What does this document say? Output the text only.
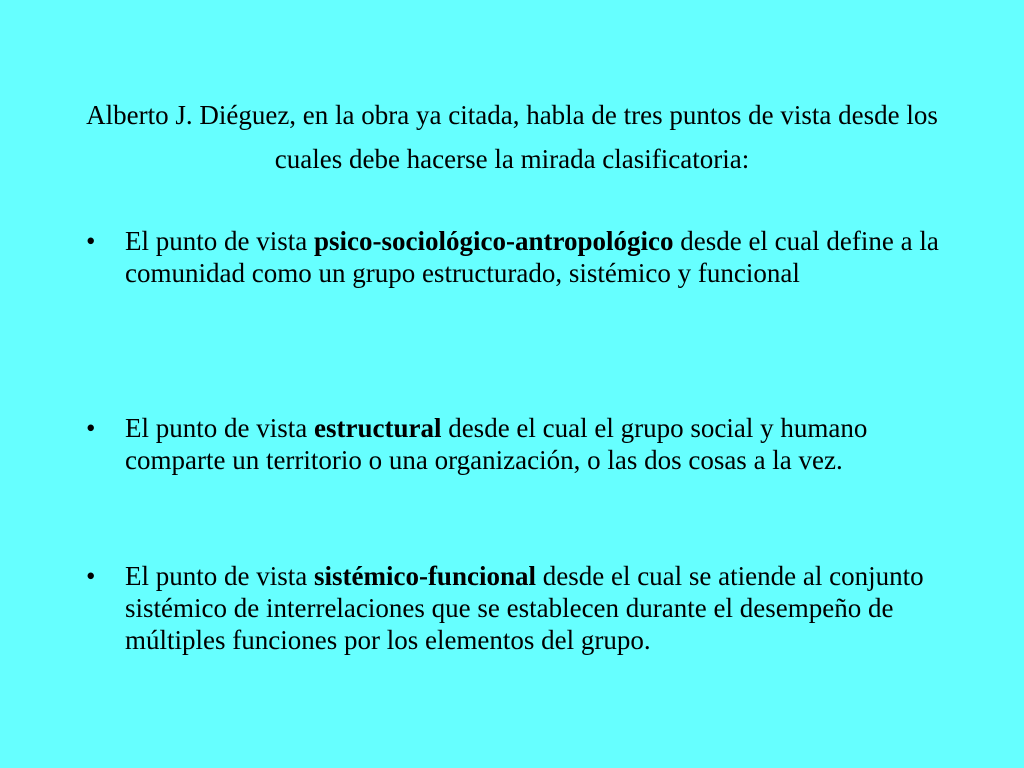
Alberto J. Diéguez, en la obra ya citada, habla de tres puntos de vista desde los cuales debe hacerse la mirada clasificatoria:

•	El punto de vista psico-sociológico-antropológico desde el cual define a la comunidad como un grupo estructurado, sistémico y funcional
•	El punto de vista estructural desde el cual el grupo social y humano comparte un territorio o una organización, o las dos cosas a la vez.
•	El punto de vista sistémico-funcional desde el cual se atiende al conjunto sistémico de interrelaciones que se establecen durante el desempeño de múltiples funciones por los elementos del grupo.
